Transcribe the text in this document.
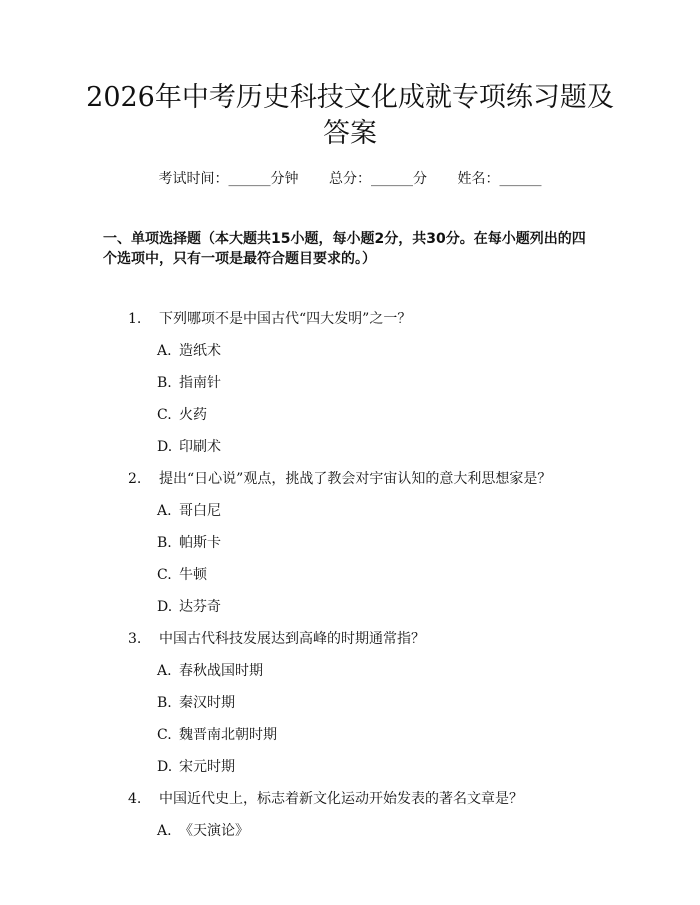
2026年中考历史科技文化成就专项练习题及答案
考试时间：______分钟 总分：______分 姓名：______
一、单项选择题（本大题共15小题，每小题2分，共30分。在每小题列出的四个选项中，只有一项是最符合题目要求的。）
1. 下列哪项不是中国古代“四大发明”之一？
A. 造纸术
B. 指南针
C. 火药
D. 印刷术
2. 提出“日心说”观点，挑战了教会对宇宙认知的意大利思想家是？
A. 哥白尼
B. 帕斯卡
C. 牛顿
D. 达芬奇
3. 中国古代科技发展达到高峰的时期通常指？
A. 春秋战国时期
B. 秦汉时期
C. 魏晋南北朝时期
D. 宋元时期
4. 中国近代史上，标志着新文化运动开始发表的著名文章是？
A. 《天演论》
